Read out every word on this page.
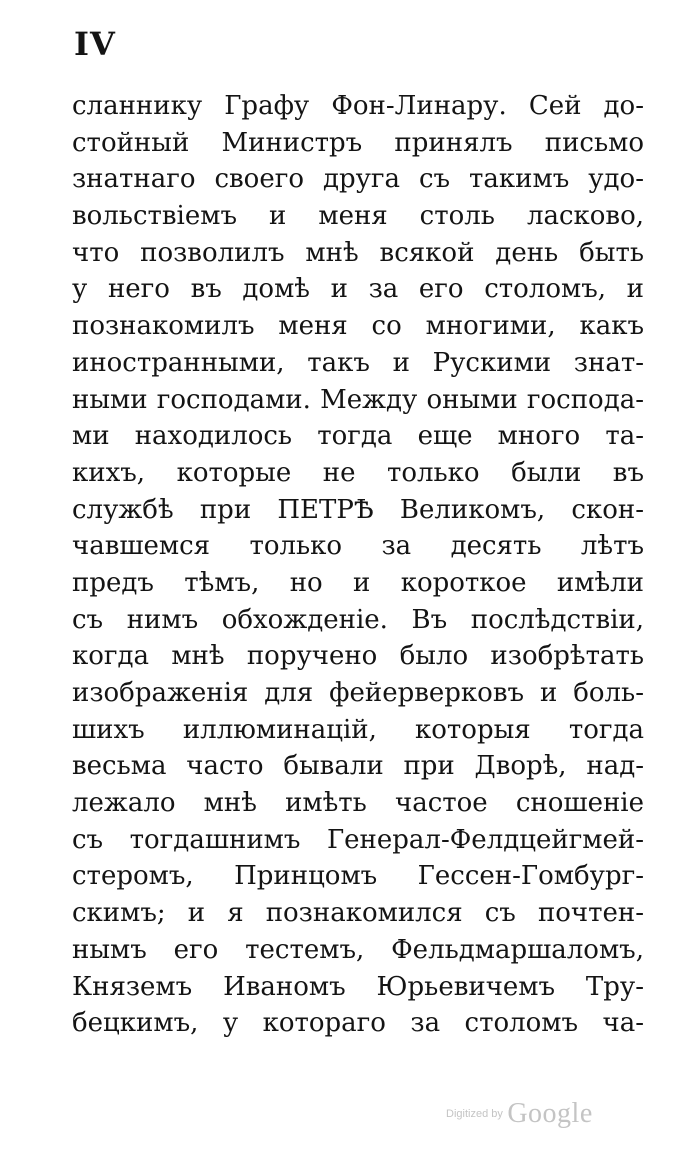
IV
сланнику Графу Фон-Линару. Сей до-
стойный Министръ принялъ письмо
знатнаго своего друга съ такимъ удо-
вольствіемъ и меня столь ласково,
что позволилъ мнѣ всякой день быть
у него въ домѣ и за его столомъ, и
познакомилъ меня со многими, какъ
иностранными, такъ и Рускими знат-
ными господами. Между оными господа-
ми находилось тогда еще много та-
кихъ, которые не только были въ
службѣ при ПЕТРѢ Великомъ, скон-
чавшемся только за десять лѣтъ
предъ тѣмъ, но и короткое имѣли
съ нимъ обхожденіе. Въ послѣдствіи,
когда мнѣ поручено было изобрѣтать
изображенія для фейерверковъ и боль-
шихъ иллюминацій, которыя тогда
весьма часто бывали при Дворѣ, над-
лежало мнѣ имѣть частое сношеніе
съ тогдашнимъ Генерал-Фелдцейгмей-
стеромъ, Принцомъ Гессен-Гомбург-
скимъ; и я познакомился съ почтен-
нымъ его тестемъ, Фельдмаршаломъ,
Княземъ Иваномъ Юрьевичемъ Тру-
бецкимъ, у котораго за столомъ ча-
Digitized by Google
